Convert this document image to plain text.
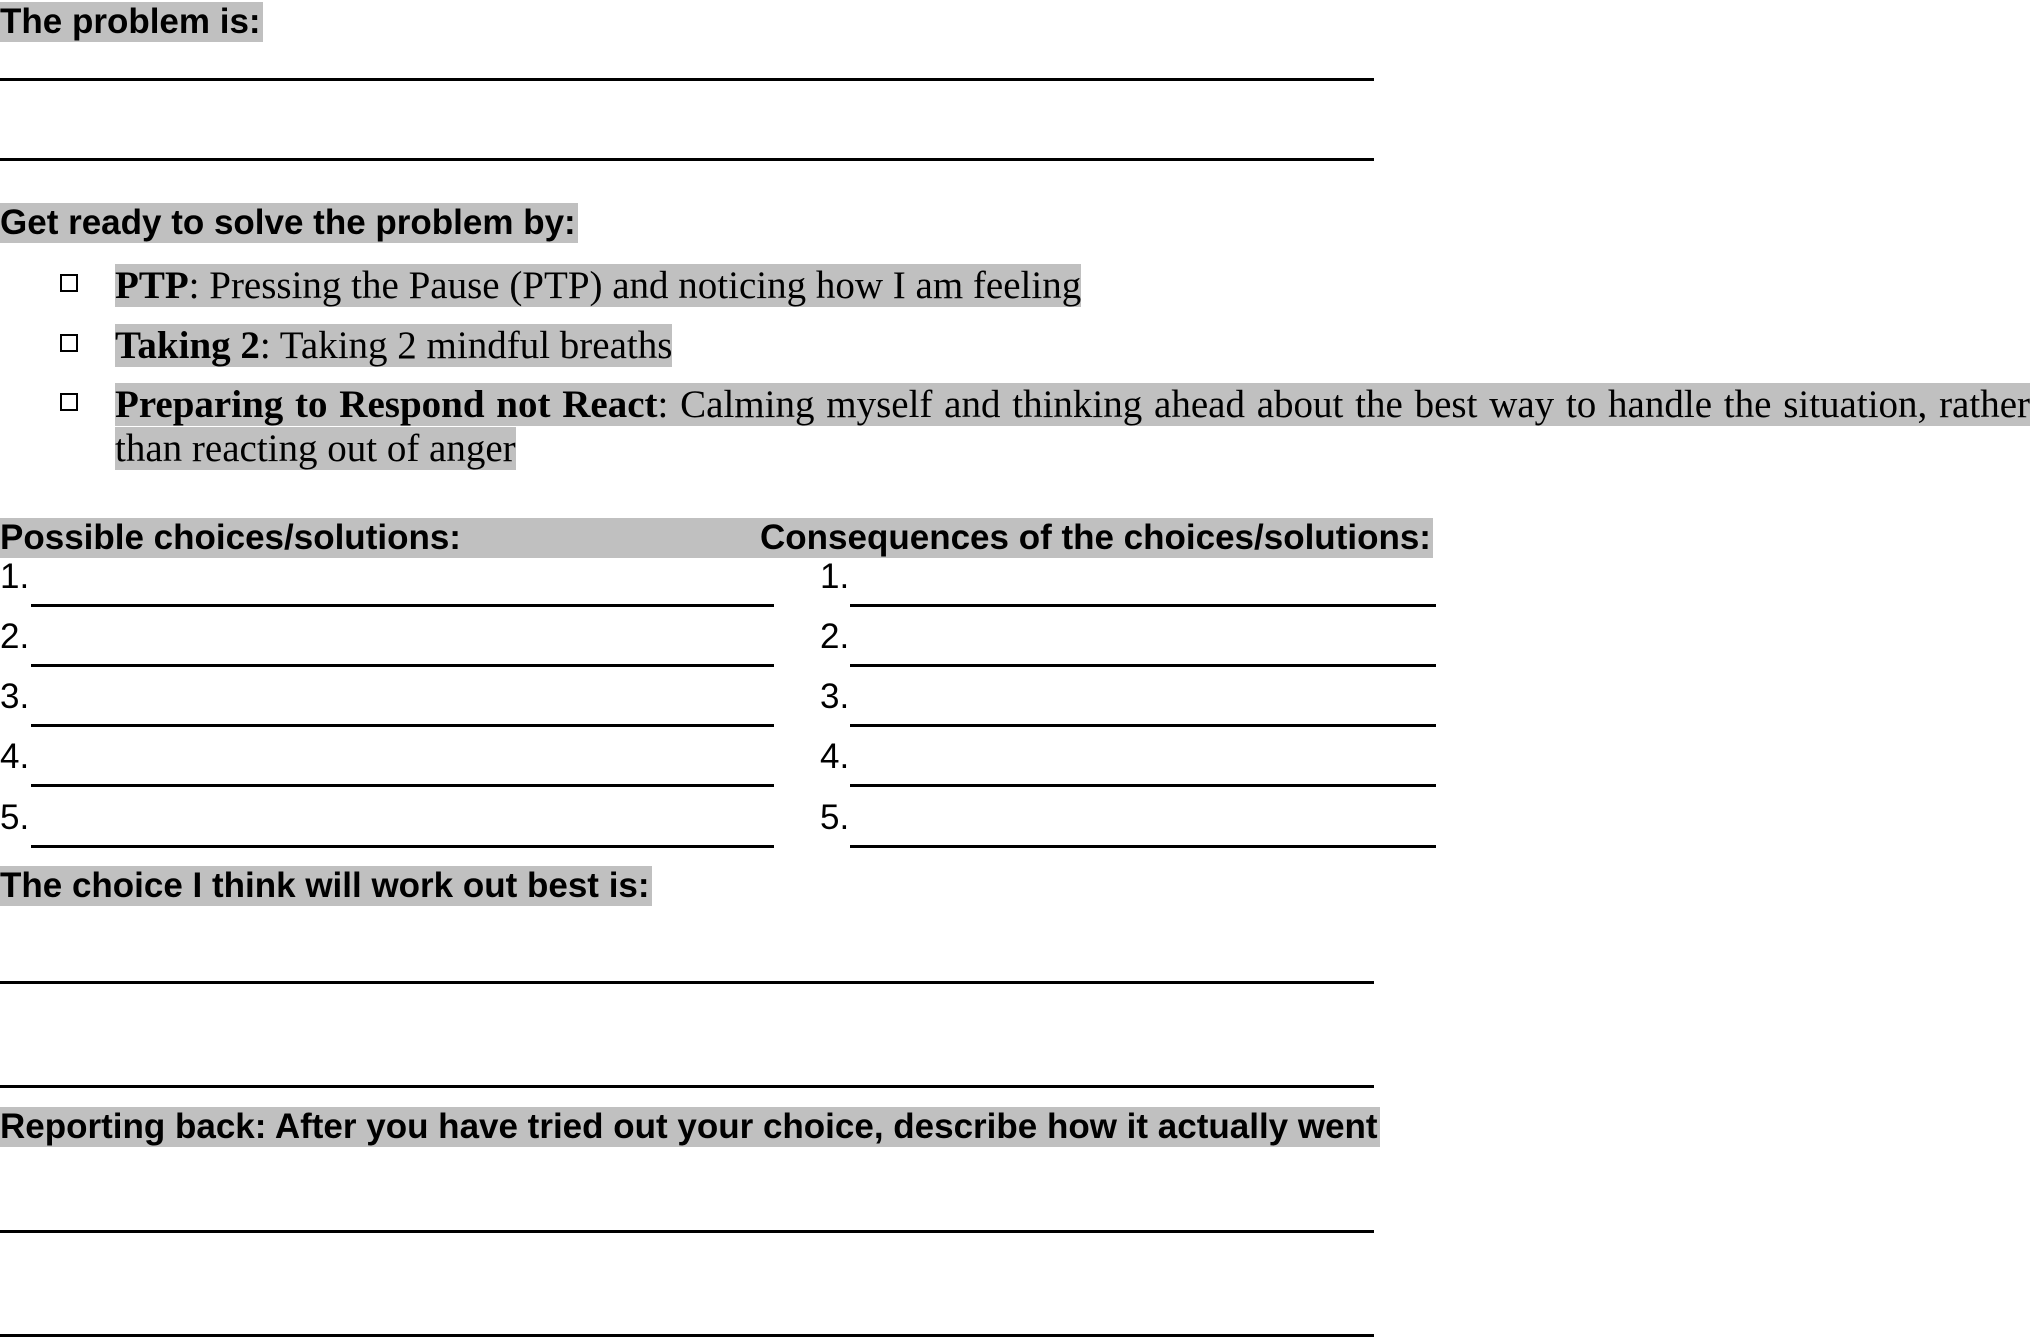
The problem is:
Get ready to solve the problem by:
PTP: Pressing the Pause (PTP) and noticing how I am feeling
Taking 2: Taking 2 mindful breaths
Preparing to Respond not React: Calming myself and thinking ahead about the best way to handle the situation, rather than reacting out of anger
Possible choices/solutions:	Consequences of the choices/solutions:
1.
2.
3.
4.
5.
1.
2.
3.
4.
5.
The choice I think will work out best is:
Reporting back: After you have tried out your choice, describe how it actually went
